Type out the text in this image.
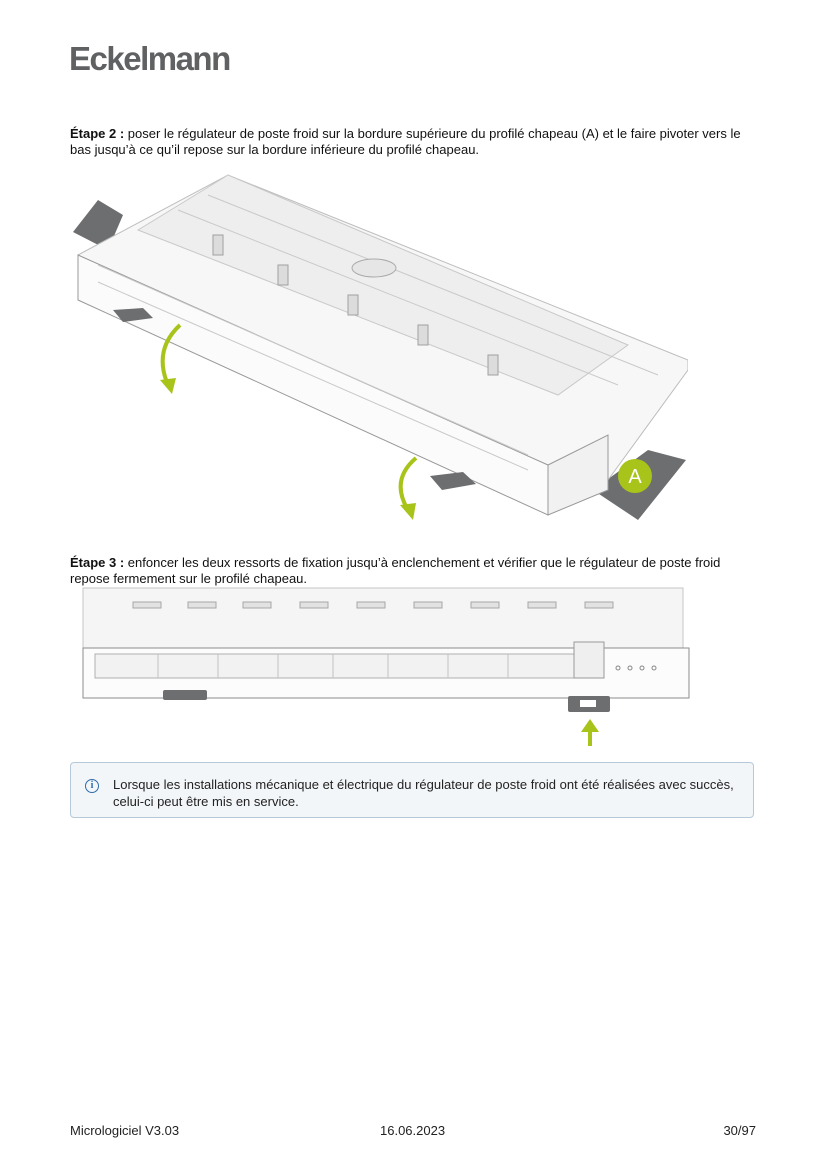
Eckelmann
Étape 2 : poser le régulateur de poste froid sur la bordure supérieure du profilé chapeau (A) et le faire pivoter vers le bas jusqu’à ce qu’il repose sur la bordure inférieure du profilé chapeau.
A
Étape 3 : enfoncer les deux ressorts de fixation jusqu’à enclenchement et vérifier que le régulateur de poste froid repose fermement sur le profilé chapeau.
i	Lorsque les installations mécanique et électrique du régulateur de poste froid ont été réalisées avec succès, celui-ci peut être mis en service.
Micrologiciel V3.03	16.06.2023	30/97
